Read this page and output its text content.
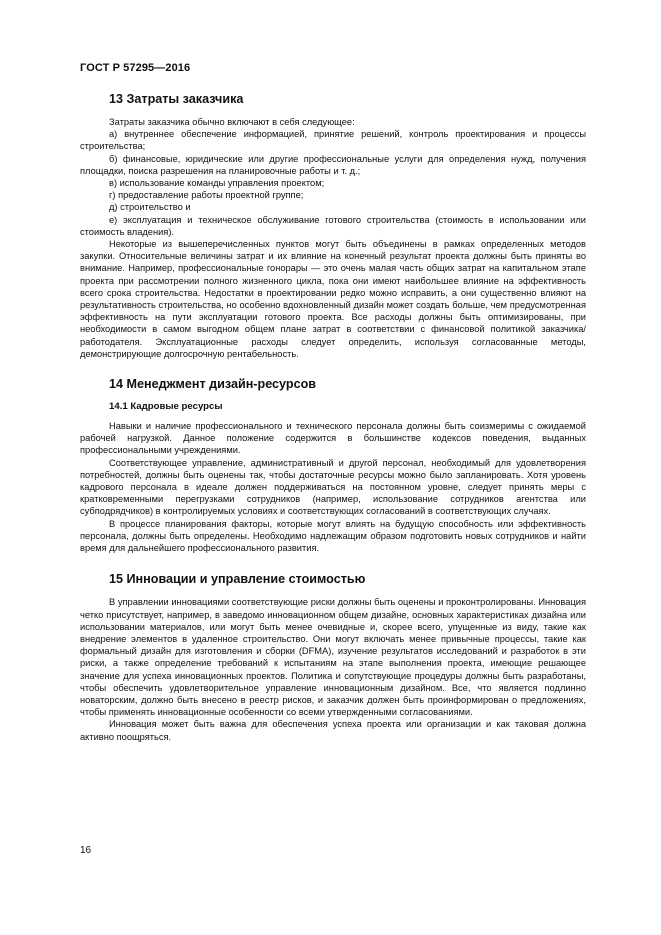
ГОСТ Р 57295—2016
13 Затраты заказчика

Затраты заказчика обычно включают в себя следующее:

а) внутреннее обеспечение информацией, принятие решений, контроль проектирования и процессы строительства;

б) финансовые, юридические или другие профессиональные услуги для определения нужд, получения площадки, поиска разрешения на планировочные работы и т. д.;

в) использование команды управления проектом;

г) предоставление работы проектной группе;

д) строительство и

е) эксплуатация и техническое обслуживание готового строительства (стоимость в использовании или стоимость владения).

Некоторые из вышеперечисленных пунктов могут быть объединены в рамках определенных методов закупки. Относительные величины затрат и их влияние на конечный результат проекта должны быть приняты во внимание. Например, профессиональные гонорары — это очень малая часть общих затрат на капитальном этапе проекта при рассмотрении полного жизненного цикла, пока они имеют наибольшее влияние на эффективность всего срока строительства. Недостатки в проектировании редко можно исправить, а они существенно влияют на результативность строительства, но особенно вдохновленный дизайн может создать больше, чем предусмотренная эффективность на пути эксплуатации готового проекта. Все расходы должны быть оптимизированы, при необходимости в самом выгодном общем плане затрат в соответствии с финансовой политикой заказчика/работодателя. Эксплуатационные расходы следует определить, используя согласованные методы, демонстрирующие долгосрочную рентабельность.

14 Менеджмент дизайн-ресурсов
14.1 Кадровые ресурсы

Навыки и наличие профессионального и технического персонала должны быть соизмеримы с ожидаемой рабочей нагрузкой. Данное положение содержится в большинстве кодексов поведения, выданных профессиональными учреждениями.

Соответствующее управление, административный и другой персонал, необходимый для удовлетворения потребностей, должны быть оценены так, чтобы достаточные ресурсы можно было запланировать. Хотя уровень кадрового персонала в идеале должен поддерживаться на постоянном уровне, следует принять меры с кратковременными перегрузками сотрудников (например, использование сотрудников агентства или субподрядчиков) в контролируемых условиях и соответствующих согласований в соответствующих случаях.

В процессе планирования факторы, которые могут влиять на будущую способность или эффективность персонала, должны быть определены. Необходимо надлежащим образом подготовить новых сотрудников и найти время для дальнейшего профессионального развития.

15 Инновации и управление стоимостью

В управлении инновациями соответствующие риски должны быть оценены и проконтролированы. Инновация четко присутствует, например, в заведомо инновационном общем дизайне, основных характеристиках дизайна или использовании материалов, или могут быть менее очевидные и, скорее всего, упущенные из виду, такие как внедрение элементов в удаленное строительство. Они могут включать менее привычные процессы, такие как формальный дизайн для изготовления и сборки (DFMA), изучение результатов исследований и разработок в эти риски, а также определение требований к испытаниям на этапе выполнения проекта, имеющие решающее значение для успеха инновационных проектов. Политика и сопутствующие процедуры должны быть разработаны, чтобы обеспечить удовлетворительное управление инновационным дизайном. Все, что является подлинно новаторским, должно быть внесено в реестр рисков, и заказчик должен быть проинформирован о предложениях, чтобы применять инновационные особенности со всеми утвержденными согласованиями.

Инновация может быть важна для обеспечения успеха проекта или организации и как таковая должна активно поощряться.

16
